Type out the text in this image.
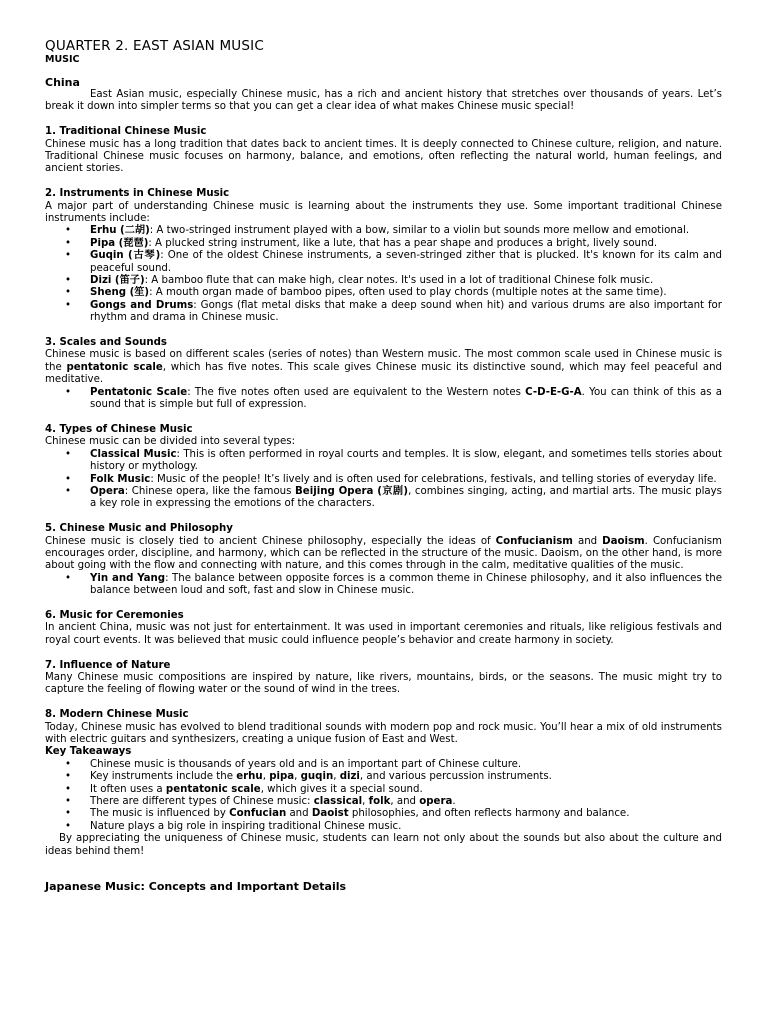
QUARTER 2. EAST ASIAN MUSIC
MUSIC
China

East Asian music, especially Chinese music, has a rich and ancient history that stretches over thousands of years. Let’s break it down into simpler terms so that you can get a clear idea of what makes Chinese music special!

1. Traditional Chinese Music

Chinese music has a long tradition that dates back to ancient times. It is deeply connected to Chinese culture, religion, and nature. Traditional Chinese music focuses on harmony, balance, and emotions, often reflecting the natural world, human feelings, and ancient stories.

2. Instruments in Chinese Music

A major part of understanding Chinese music is learning about the instruments they use. Some important traditional Chinese instruments include:

• Erhu (二胡): A two-stringed instrument played with a bow, similar to a violin but sounds more mellow and emotional.
• Pipa (琵琶): A plucked string instrument, like a lute, that has a pear shape and produces a bright, lively sound.
• Guqin (古琴): One of the oldest Chinese instruments, a seven-stringed zither that is plucked. It's known for its calm and peaceful sound.
• Dizi (笛子): A bamboo flute that can make high, clear notes. It's used in a lot of traditional Chinese folk music.
• Sheng (笙): A mouth organ made of bamboo pipes, often used to play chords (multiple notes at the same time).
• Gongs and Drums: Gongs (flat metal disks that make a deep sound when hit) and various drums are also important for rhythm and drama in Chinese music.
3. Scales and Sounds

Chinese music is based on different scales (series of notes) than Western music. The most common scale used in Chinese music is the pentatonic scale, which has five notes. This scale gives Chinese music its distinctive sound, which may feel peaceful and meditative.

• Pentatonic Scale: The five notes often used are equivalent to the Western notes C-D-E-G-A. You can think of this as a sound that is simple but full of expression.
4. Types of Chinese Music

Chinese music can be divided into several types:

• Classical Music: This is often performed in royal courts and temples. It is slow, elegant, and sometimes tells stories about history or mythology.
• Folk Music: Music of the people! It’s lively and is often used for celebrations, festivals, and telling stories of everyday life.
• Opera: Chinese opera, like the famous Beijing Opera (京剧), combines singing, acting, and martial arts. The music plays a key role in expressing the emotions of the characters.
5. Chinese Music and Philosophy

Chinese music is closely tied to ancient Chinese philosophy, especially the ideas of Confucianism and Daoism. Confucianism encourages order, discipline, and harmony, which can be reflected in the structure of the music. Daoism, on the other hand, is more about going with the flow and connecting with nature, and this comes through in the calm, meditative qualities of the music.

• Yin and Yang: The balance between opposite forces is a common theme in Chinese philosophy, and it also influences the balance between loud and soft, fast and slow in Chinese music.
6. Music for Ceremonies

In ancient China, music was not just for entertainment. It was used in important ceremonies and rituals, like religious festivals and royal court events. It was believed that music could influence people’s behavior and create harmony in society.

7. Influence of Nature

Many Chinese music compositions are inspired by nature, like rivers, mountains, birds, or the seasons. The music might try to capture the feeling of flowing water or the sound of wind in the trees.

8. Modern Chinese Music

Today, Chinese music has evolved to blend traditional sounds with modern pop and rock music. You’ll hear a mix of old instruments with electric guitars and synthesizers, creating a unique fusion of East and West.

Key Takeaways
• Chinese music is thousands of years old and is an important part of Chinese culture.
• Key instruments include the erhu, pipa, guqin, dizi, and various percussion instruments.
• It often uses a pentatonic scale, which gives it a special sound.
• There are different types of Chinese music: classical, folk, and opera.
• The music is influenced by Confucian and Daoist philosophies, and often reflects harmony and balance.
• Nature plays a big role in inspiring traditional Chinese music.

By appreciating the uniqueness of Chinese music, students can learn not only about the sounds but also about the culture and ideas behind them!

Japanese Music: Concepts and Important Details
